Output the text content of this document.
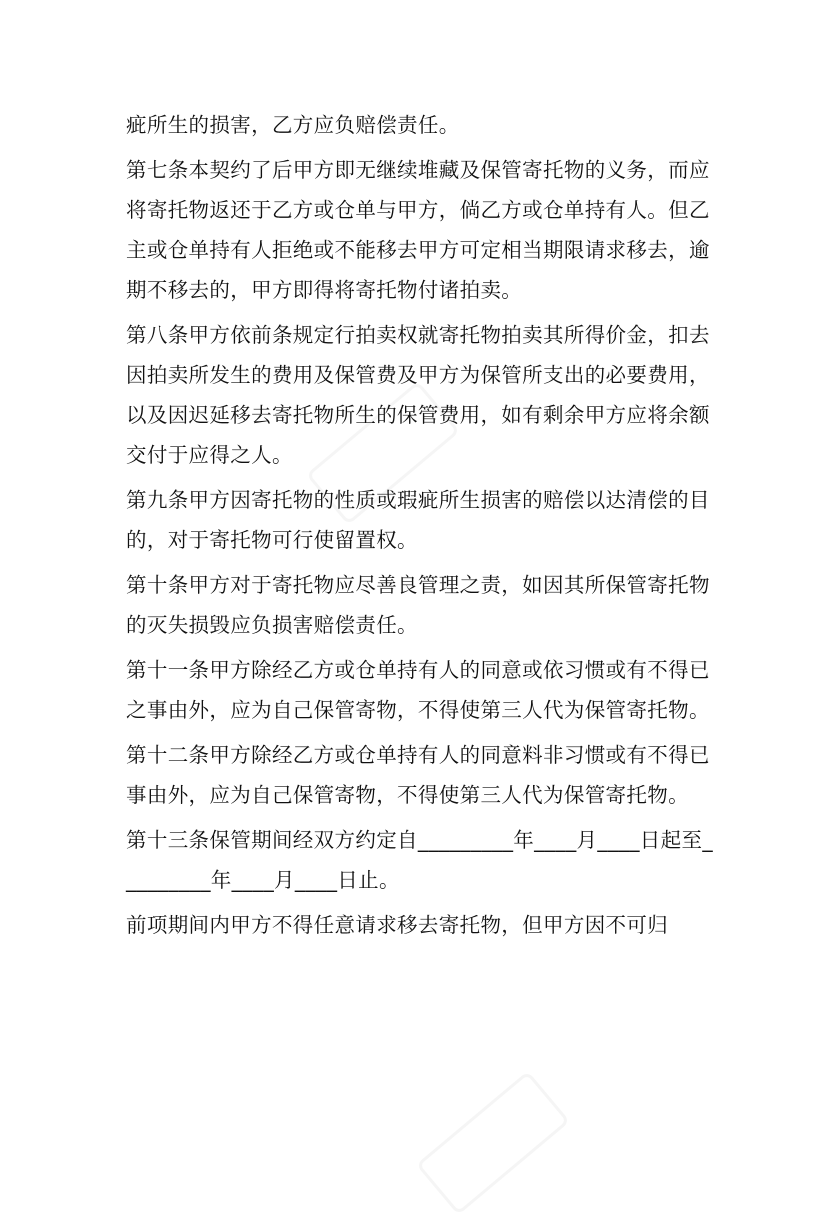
疵所生的损害，乙方应负赔偿责任。

第七条本契约了后甲方即无继续堆藏及保管寄托物的义务，而应将寄托物返还于乙方或仓单与甲方，倘乙方或仓单持有人。但乙主或仓单持有人拒绝或不能移去甲方可定相当期限请求移去，逾期不移去的，甲方即得将寄托物付诸拍卖。

第八条甲方依前条规定行拍卖权就寄托物拍卖其所得价金，扣去因拍卖所发生的费用及保管费及甲方为保管所支出的必要费用，以及因迟延移去寄托物所生的保管费用，如有剩余甲方应将余额交付于应得之人。

第九条甲方因寄托物的性质或瑕疵所生损害的赔偿以达清偿的目的，对于寄托物可行使留置权。

第十条甲方对于寄托物应尽善良管理之责，如因其所保管寄托物的灭失损毁应负损害赔偿责任。

第十一条甲方除经乙方或仓单持有人的同意或依习惯或有不得已之事由外，应为自己保管寄物，不得使第三人代为保管寄托物。

第十二条甲方除经乙方或仓单持有人的同意料非习惯或有不得已事由外，应为自己保管寄物，不得使第三人代为保管寄托物。

第十三条保管期间经双方约定自_________年____月____日起至_________年____月____日止。

前项期间内甲方不得任意请求移去寄托物，但甲方因不可归
